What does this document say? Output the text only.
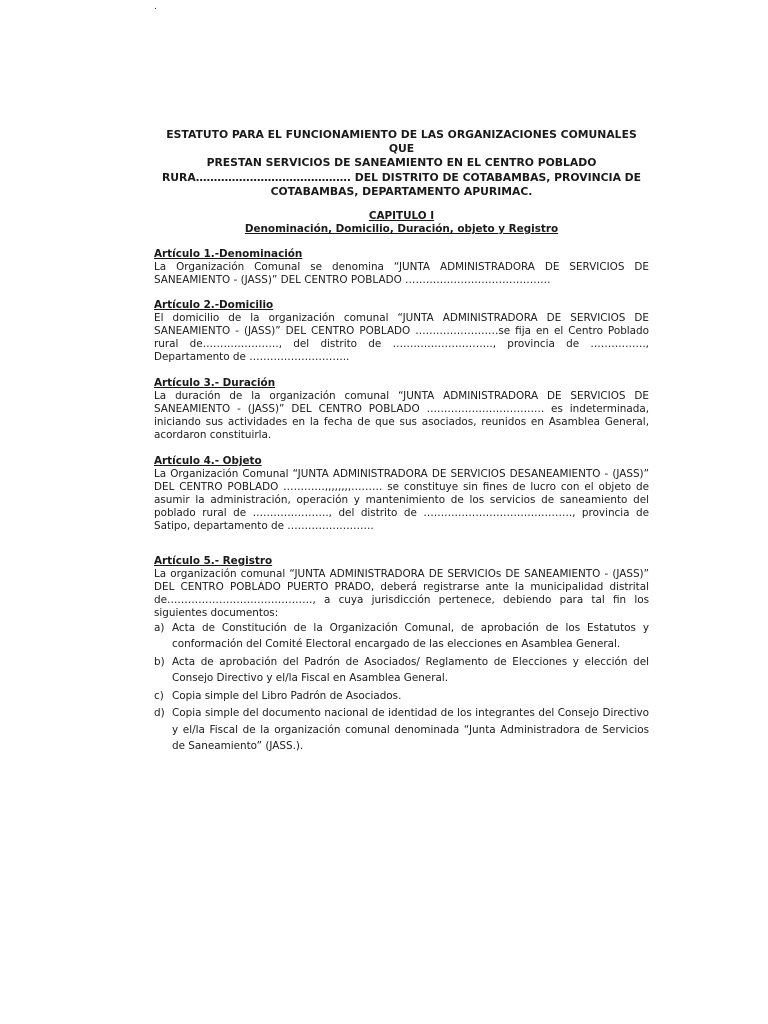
.
ESTATUTO PARA EL FUNCIONAMIENTO DE LAS ORGANIZACIONES COMUNALES QUE
PRESTAN SERVICIOS DE SANEAMIENTO EN EL CENTRO POBLADO
RURA……………………………………. DEL DISTRITO DE COTABAMBAS, PROVINCIA DE
COTABAMBAS, DEPARTAMENTO APURIMAC.
CAPITULO I
Denominación, Domicilio, Duración, objeto y Registro
Artículo 1.-Denominación
La Organización Comunal se denomina “JUNTA ADMINISTRADORA DE SERVICIOS DE SANEAMIENTO - (JASS)” DEL CENTRO POBLADO ……………………………………
Artículo 2.-Domicilio
El domicilio de la organización comunal “JUNTA ADMINISTRADORA DE SERVICIOS DE SANEAMIENTO - (JASS)” DEL CENTRO POBLADO ……………………se fija en el Centro Poblado rural de…………………., del distrito de ……………………….., provincia de ……………., Departamento de ………………………..
Artículo 3.- Duración
La duración de la organización comunal “JUNTA ADMINISTRADORA DE SERVICIOS DE SANEAMIENTO - (JASS)” DEL CENTRO POBLADO ……………………………. es indeterminada, iniciando sus actividades en la fecha de que sus asociados, reunidos en Asamblea General, acordaron constituirla.
Artículo 4.- Objeto
La Organización Comunal “JUNTA ADMINISTRADORA DE SERVICIOS DESANEAMIENTO - (JASS)” DEL CENTRO POBLADO …………,,,,,,,,……… se constituye sin fines de lucro con el objeto de asumir la administración, operación y mantenimiento de los servicios de saneamiento del poblado rural de …………………., del distrito de ……………………………………., provincia de Satipo, departamento de …………………….
Artículo 5.- Registro
La organización comunal “JUNTA ADMINISTRADORA DE SERVICIOs DE SANEAMIENTO - (JASS)” DEL CENTRO POBLADO PUERTO PRADO, deberá registrarse ante la municipalidad distrital de……………………………………, a cuya jurisdicción pertenece, debiendo para tal fin los siguientes documentos:
a) Acta de Constitución de la Organización Comunal, de aprobación de los Estatutos y conformación del Comité Electoral encargado de las elecciones en Asamblea General.
b) Acta de aprobación del Padrón de Asociados/ Reglamento de Elecciones y elección del Consejo Directivo y el/la Fiscal en Asamblea General.
c) Copia simple del Libro Padrón de Asociados.
d) Copia simple del documento nacional de identidad de los integrantes del Consejo Directivo y el/la Fiscal de la organización comunal denominada “Junta Administradora de Servicios de Saneamiento” (JASS.).
